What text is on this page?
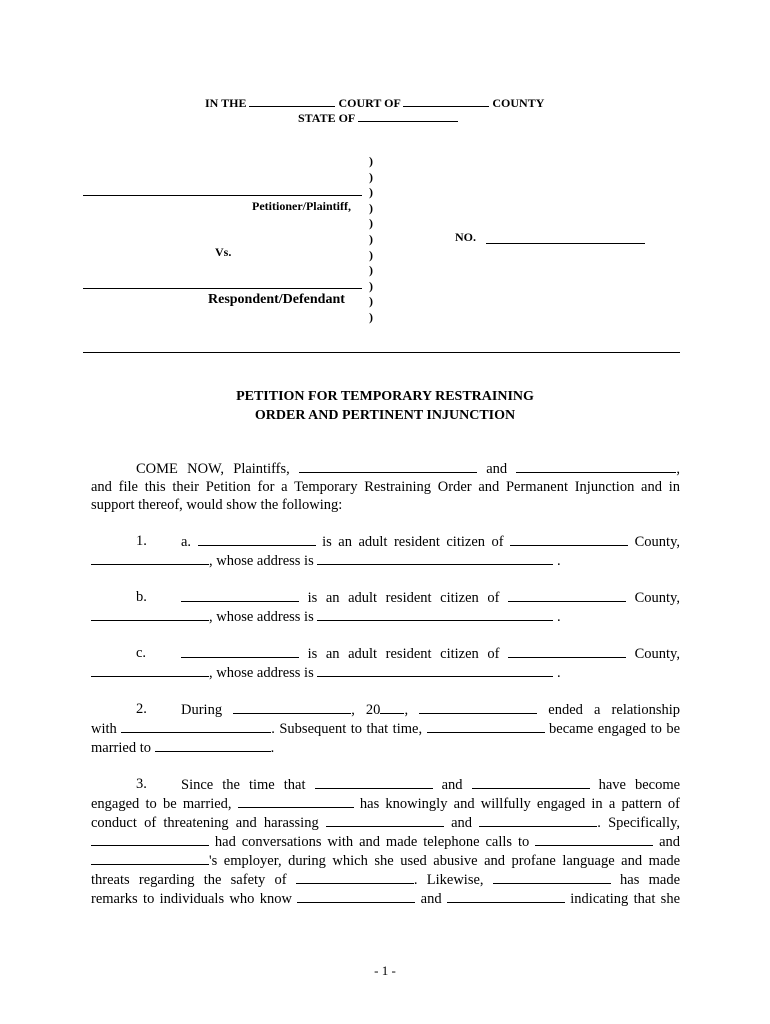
IN THE	COURT OF	COUNTY
STATE OF
)
)
)
)
)
)
)
)
)
)
)
Petitioner/Plaintiff,
Vs.
Respondent/Defendant
NO.
PETITION FOR TEMPORARY RESTRAINING
ORDER AND PERTINENT INJUNCTION
COME NOW, Plaintiffs,	and	,
and file this their Petition for a Temporary Restraining Order and Permanent Injunction and in
support thereof, would show the following:
1. a.	is an adult resident citizen of	County,
, whose address is	.
b.	is an adult resident citizen of	County,
, whose address is	.
c.	is an adult resident citizen of	County,
, whose address is	.
2. During	, 20 ,	ended a relationship
with	. Subsequent to that time,	became engaged to be
married to	.
3. Since the time that	and	have become
engaged to be married,	has knowingly and willfully engaged in a pattern of
conduct of threatening and harassing	and	. Specifically,
had conversations with and made telephone calls to	and
's employer, during which she used abusive and profane language and made
threats regarding the safety of	. Likewise,	has made
remarks to individuals who know	and	indicating that she
- 1 -
